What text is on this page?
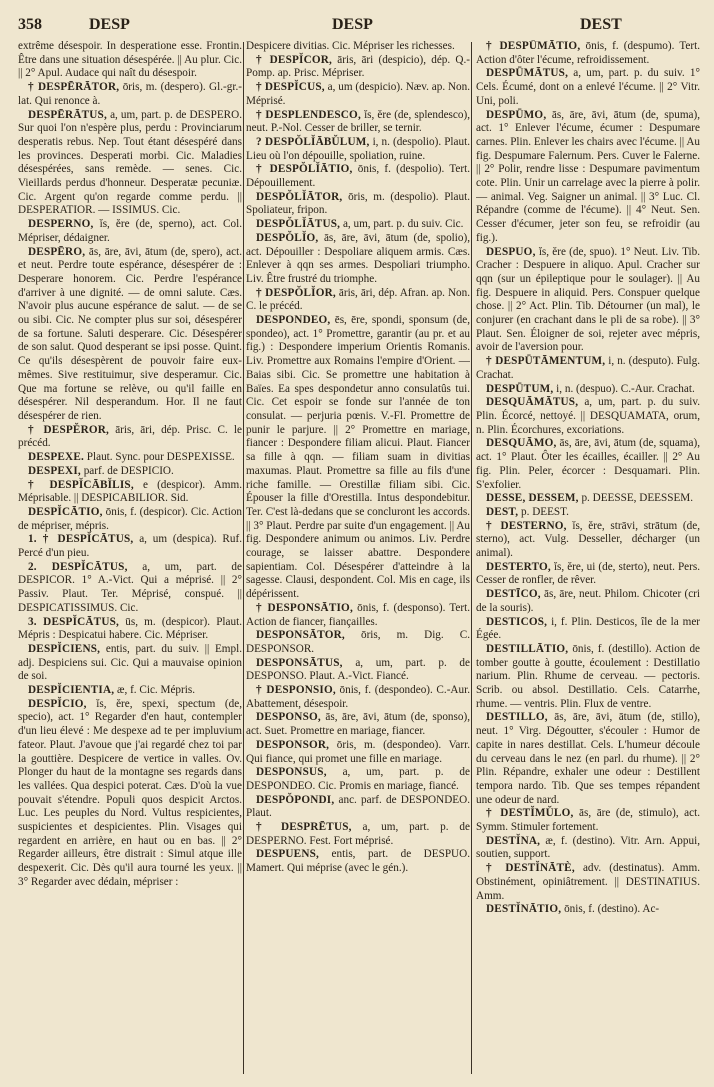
358	DESP	DESP	DEST

extrême désespoir. In desperatione esse. Frontin. Être dans une situation désespérée. || Au plur. Cic. || 2° Apul. Audace qui naît du désespoir.

† DESPĒRĀTOR, ōris, m. (despero). Gl.-gr.-lat. Qui renonce à.

DESPĒRĀTUS, a, um, part. p. de DESPERO. Sur quoi l'on n'espère plus, perdu : Provinciarum desperatis rebus. Nep. Tout étant désespéré dans les provinces. Desperati morbi. Cic. Maladies désespérées, sans remède. — senes. Cic. Vieillards perdus d'honneur. Desperatæ pecuniæ. Cic. Argent qu'on regarde comme perdu. || DESPERATIOR. — ISSIMUS. Cic.

DESPERNO, ĭs, ĕre (de, sperno), act. Col. Mépriser, dédaigner.

DESPĒRO, ās, āre, āvi, ātum (de, spero), act. et neut. Perdre toute espérance, désespérer de : Desperare honorem. Cic. Perdre l'espérance d'arriver à une dignité. — de omni salute. Cæs. N'avoir plus aucune espérance de salut. — de se ou sibi. Cic. Ne compter plus sur soi, désespérer de sa fortune. Saluti desperare. Cic. Désespérer de son salut. Quod desperant se ipsi posse. Quint. Ce qu'ils désespèrent de pouvoir faire eux-mêmes. Sive restituimur, sive desperamur. Cic. Que ma fortune se relève, ou qu'il faille en désespérer. Nil desperandum. Hor. Il ne faut désespérer de rien.

† DESPĔROR, āris, āri, dép. Prisc. C. le précéd.

DESPEXE. Plaut. Sync. pour DESPEXISSE.

DESPEXI, parf. de DESPICIO.

† DESPĬCĀBĬLIS, e (despicor). Amm. Méprisable. || DESPICABILIOR. Sid.

DESPĬCĀTIO, ōnis, f. (despicor). Cic. Action de mépriser, mépris.

1. † DESPĬCĀTUS, a, um (despica). Ruf. Percé d'un pieu.

2. DESPĬCĀTUS, a, um, part. de DESPICOR. 1° A.-Vict. Qui a méprisé. || 2° Passiv. Plaut. Ter. Méprisé, conspué. || DESPICATISSIMUS. Cic.

3. DESPĬCĀTUS, ūs, m. (despicor). Plaut. Mépris : Despicatui habere. Cic. Mépriser.

DESPĬCIENS, entis, part. du suiv. || Empl. adj. Despiciens sui. Cic. Qui a mauvaise opinion de soi.

DESPĬCIENTIA, æ, f. Cic. Mépris.

DESPĬCIO, ĭs, ĕre, spexi, spectum (de, specio), act. 1° Regarder d'en haut, contempler d'un lieu élevé : Me despexe ad te per impluvium fateor. Plaut. J'avoue que j'ai regardé chez toi par la gouttière. Despicere de vertice in valles. Ov. Plonger du haut de la montagne ses regards dans les vallées. Qua despici poterat. Cæs. D'où la vue pouvait s'étendre. Populi quos despicit Arctos. Luc. Les peuples du Nord. Vultus respicientes, suspicientes et despicientes. Plin. Visages qui regardent en arrière, en haut ou en bas. || 2° Regarder ailleurs, être distrait : Simul atque ille despexerit. Cic. Dès qu'il aura tourné les yeux. || 3° Regarder avec dédain, mépriser :

Despicere divitias. Cic. Mépriser les richesses.

† DESPĬCOR, āris, āri (despicio), dép. Q.-Pomp. ap. Prisc. Mépriser.

† DESPĬCUS, a, um (despicio). Næv. ap. Non. Méprisé.

† DESPLENDESCO, ĭs, ĕre (de, splendesco), neut. P.-Nol. Cesser de briller, se ternir.

? DESPŎLĬĀBŬLUM, i, n. (despolio). Plaut. Lieu où l'on dépouille, spoliation, ruine.

† DESPŎLĬĀTIO, ōnis, f. (despolio). Tert. Dépouillement.

DESPŎLĬĀTOR, ōris, m. (despolio). Plaut. Spoliateur, fripon.

DESPŎLĬĀTUS, a, um, part. p. du suiv. Cic.

DESPŎLĬO, ās, āre, āvi, ātum (de, spolio), act. Dépouiller : Despoliare aliquem armis. Cæs. Enlever à qqn ses armes. Despoliari triumpho. Liv. Être frustré du triomphe.

† DESPŎLĬOR, āris, āri, dép. Afran. ap. Non. C. le précéd.

DESPONDEO, ēs, ēre, spondi, sponsum (de, spondeo), act. 1° Promettre, garantir (au pr. et au fig.) : Despondere imperium Orientis Romanis. Liv. Promettre aux Romains l'empire d'Orient. — Baias sibi. Cic. Se promettre une habitation à Baïes. Ea spes despondetur anno consulatûs tui. Cic. Cet espoir se fonde sur l'année de ton consulat. — perjuria pœnis. V.-Fl. Promettre de punir le parjure. || 2° Promettre en mariage, fiancer : Despondere filiam alicui. Plaut. Fiancer sa fille à qqn. — filiam suam in divitias maxumas. Plaut. Promettre sa fille au fils d'une riche famille. — Orestillæ filiam sibi. Cic. Épouser la fille d'Orestilla. Intus despondebitur. Ter. C'est là-dedans que se concluront les accords. || 3° Plaut. Perdre par suite d'un engagement. || Au fig. Despondere animum ou animos. Liv. Perdre courage, se laisser abattre. Despondere sapientiam. Col. Désespérer d'atteindre à la sagesse. Clausi, despondent. Col. Mis en cage, ils dépérissent.

† DESPONSĀTIO, ōnis, f. (desponso). Tert. Action de fiancer, fiançailles.

DESPONSĀTOR, ōris, m. Dig. C. DESPONSOR.

DESPONSĀTUS, a, um, part. p. de DESPONSO. Plaut. A.-Vict. Fiancé.

† DESPONSIO, ōnis, f. (despondeo). C.-Aur. Abattement, désespoir.

DESPONSO, ās, āre, āvi, ātum (de, sponso), act. Suet. Promettre en mariage, fiancer.

DESPONSOR, ōris, m. (despondeo). Varr. Qui fiance, qui promet une fille en mariage.

DESPONSUS, a, um, part. p. de DESPONDEO. Cic. Promis en mariage, fiancé.

DESPŎPONDI, anc. parf. de DESPONDEO. Plaut.

† DESPRĒTUS, a, um, part. p. de DESPERNO. Fest. Fort méprisé.

DESPUENS, entis, part. de DESPUO. Mamert. Qui méprise (avec le gén.).

† DESPŪMĀTIO, ōnis, f. (despumo). Tert. Action d'ôter l'écume, refroidissement.

DESPŪMĀTUS, a, um, part. p. du suiv. 1° Cels. Écumé, dont on a enlevé l'écume. || 2° Vitr. Uni, poli.

DESPŪMO, ās, āre, āvi, ātum (de, spuma), act. 1° Enlever l'écume, écumer : Despumare carnes. Plin. Enlever les chairs avec l'écume. || Au fig. Despumare Falernum. Pers. Cuver le Falerne. || 2° Polir, rendre lisse : Despumare pavimentum cote. Plin. Unir un carrelage avec la pierre à polir. — animal. Veg. Saigner un animal. || 3° Luc. Cl. Répandre (comme de l'écume). || 4° Neut. Sen. Cesser d'écumer, jeter son feu, se refroidir (au fig.).

DESPUO, ĭs, ĕre (de, spuo). 1° Neut. Liv. Tib. Cracher : Despuere in aliquo. Apul. Cracher sur qqn (sur un épileptique pour le soulager). || Au fig. Despuere in aliquid. Pers. Conspuer quelque chose. || 2° Act. Plin. Tib. Détourner (un mal), le conjurer (en crachant dans le pli de sa robe). || 3° Plaut. Sen. Éloigner de soi, rejeter avec mépris, avoir de l'aversion pour.

† DESPŪTĀMENTUM, i, n. (desputo). Fulg. Crachat.

DESPŪTUM, i, n. (despuo). C.-Aur. Crachat.

DESQUĀMĀTUS, a, um, part. p. du suiv. Plin. Écorcé, nettoyé. || DESQUAMATA, orum, n. Plin. Écorchures, excoriations.

DESQUĀMO, ās, āre, āvi, ātum (de, squama), act. 1° Plaut. Ôter les écailles, écailler. || 2° Au fig. Plin. Peler, écorcer : Desquamari. Plin. S'exfolier.

DESSE, DESSEM, p. DEESSE, DEESSEM.

DEST, p. DEEST.

† DESTERNO, ĭs, ĕre, strāvi, strātum (de, sterno), act. Vulg. Desseller, décharger (un animal).

DESTERTO, ĭs, ĕre, ui (de, sterto), neut. Pers. Cesser de ronfler, de rêver.

DESTĪCO, ās, āre, neut. Philom. Chicoter (cri de la souris).

DESTICOS, i, f. Plin. Desticos, île de la mer Égée.

DESTILLĀTIO, ōnis, f. (destillo). Action de tomber goutte à goutte, écoulement : Destillatio narium. Plin. Rhume de cerveau. — pectoris. Scrib. ou absol. Destillatio. Cels. Catarrhe, rhume. — ventris. Plin. Flux de ventre.

DESTILLO, ās, āre, āvi, ātum (de, stillo), neut. 1° Virg. Dégoutter, s'écouler : Humor de capite in nares destillat. Cels. L'humeur découle du cerveau dans le nez (en parl. du rhume). || 2° Plin. Répandre, exhaler une odeur : Destillent tempora nardo. Tib. Que ses tempes répandent une odeur de nard.

† DESTĬMŬLO, ās, āre (de, stimulo), act. Symm. Stimuler fortement.

DESTĬNA, æ, f. (destino). Vitr. Arn. Appui, soutien, support.

† DESTĬNĀTÈ, adv. (destinatus). Amm. Obstinément, opiniâtrement. || DESTINATIUS. Amm.

DESTĬNĀTIO, ōnis, f. (destino). Ac-
